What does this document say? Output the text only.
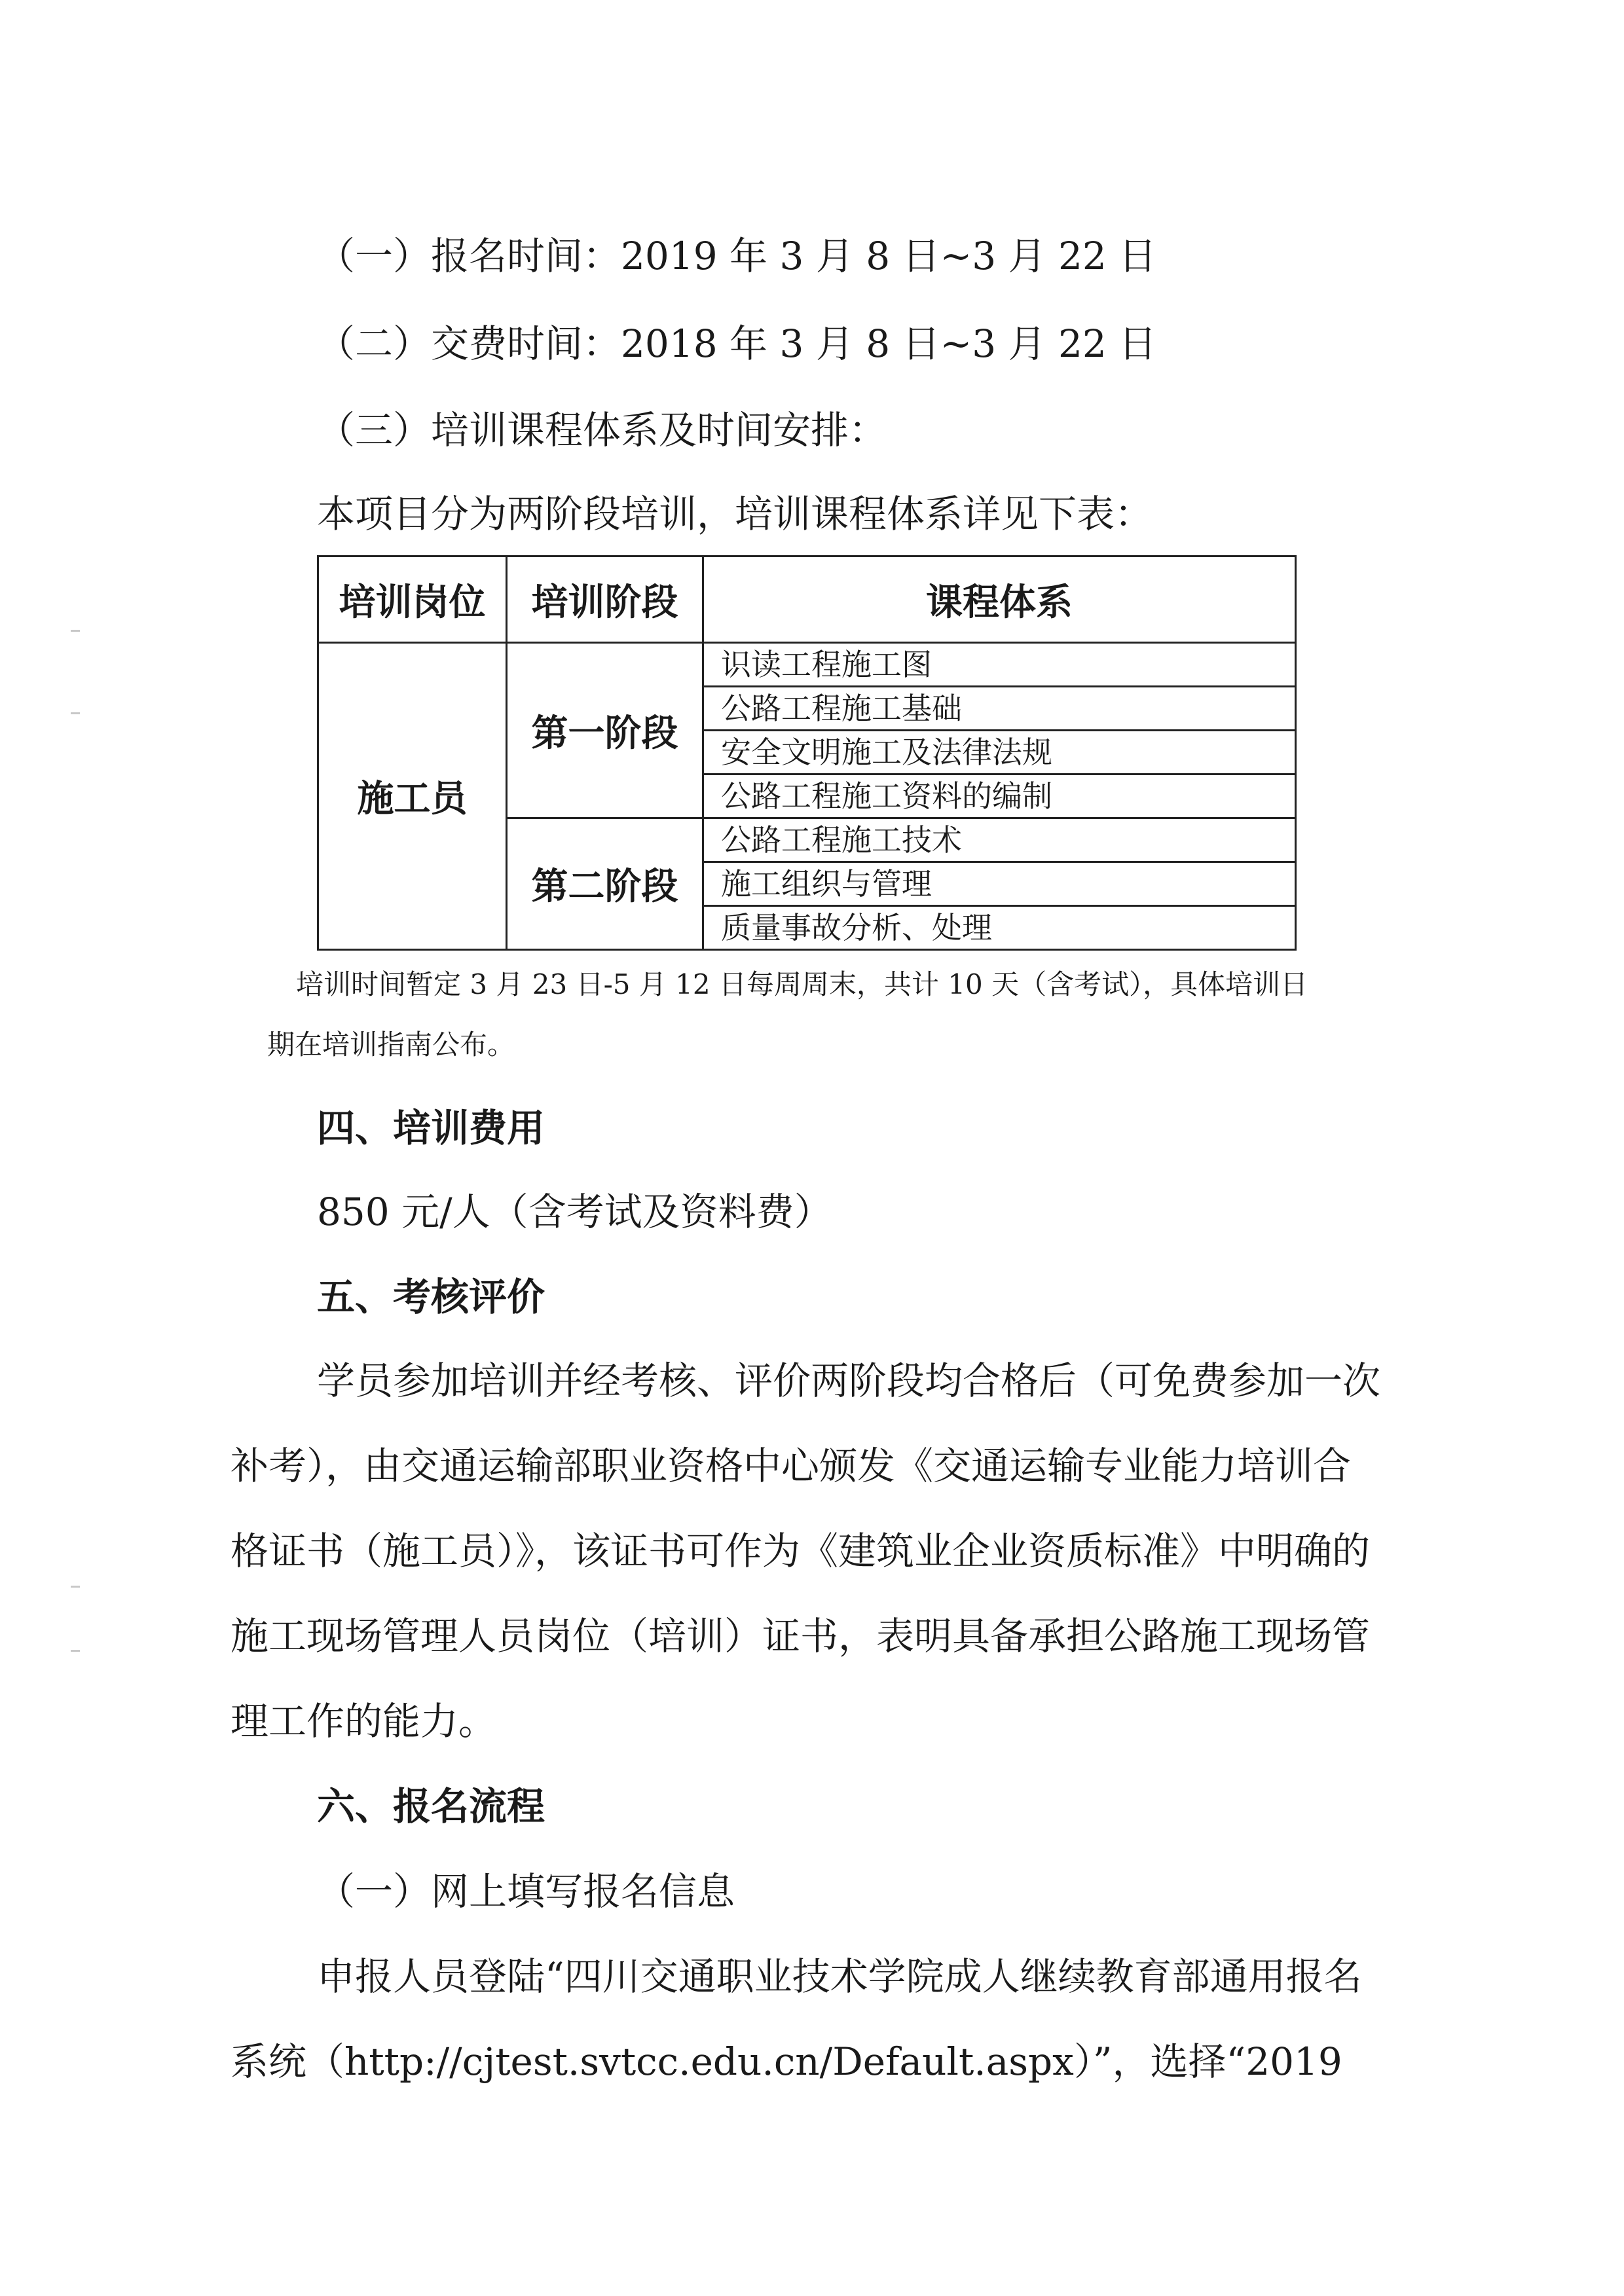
（一）报名时间：2019 年 3 月 8 日~3 月 22 日
（二）交费时间：2018 年 3 月 8 日~3 月 22 日
（三）培训课程体系及时间安排：
本项目分为两阶段培训，培训课程体系详见下表：
培训岗位	培训阶段	课程体系
施工员	第一阶段	识读工程施工图
		公路工程施工基础
		安全文明施工及法律法规
		公路工程施工资料的编制
	第二阶段	公路工程施工技术
		施工组织与管理
		质量事故分析、处理
培训时间暂定 3 月 23 日-5 月 12 日每周周末，共计 10 天（含考试），具体培训日
期在培训指南公布。
四、培训费用
850 元/人（含考试及资料费）
五、考核评价
学员参加培训并经考核、评价两阶段均合格后（可免费参加一次
补考），由交通运输部职业资格中心颁发《交通运输专业能力培训合
格证书（施工员）》，该证书可作为《建筑业企业资质标准》中明确的
施工现场管理人员岗位（培训）证书，表明具备承担公路施工现场管
理工作的能力。
六、报名流程
（一）网上填写报名信息
申报人员登陆“四川交通职业技术学院成人继续教育部通用报名
系统（http://cjtest.svtcc.edu.cn/Default.aspx）”，选择“2019
